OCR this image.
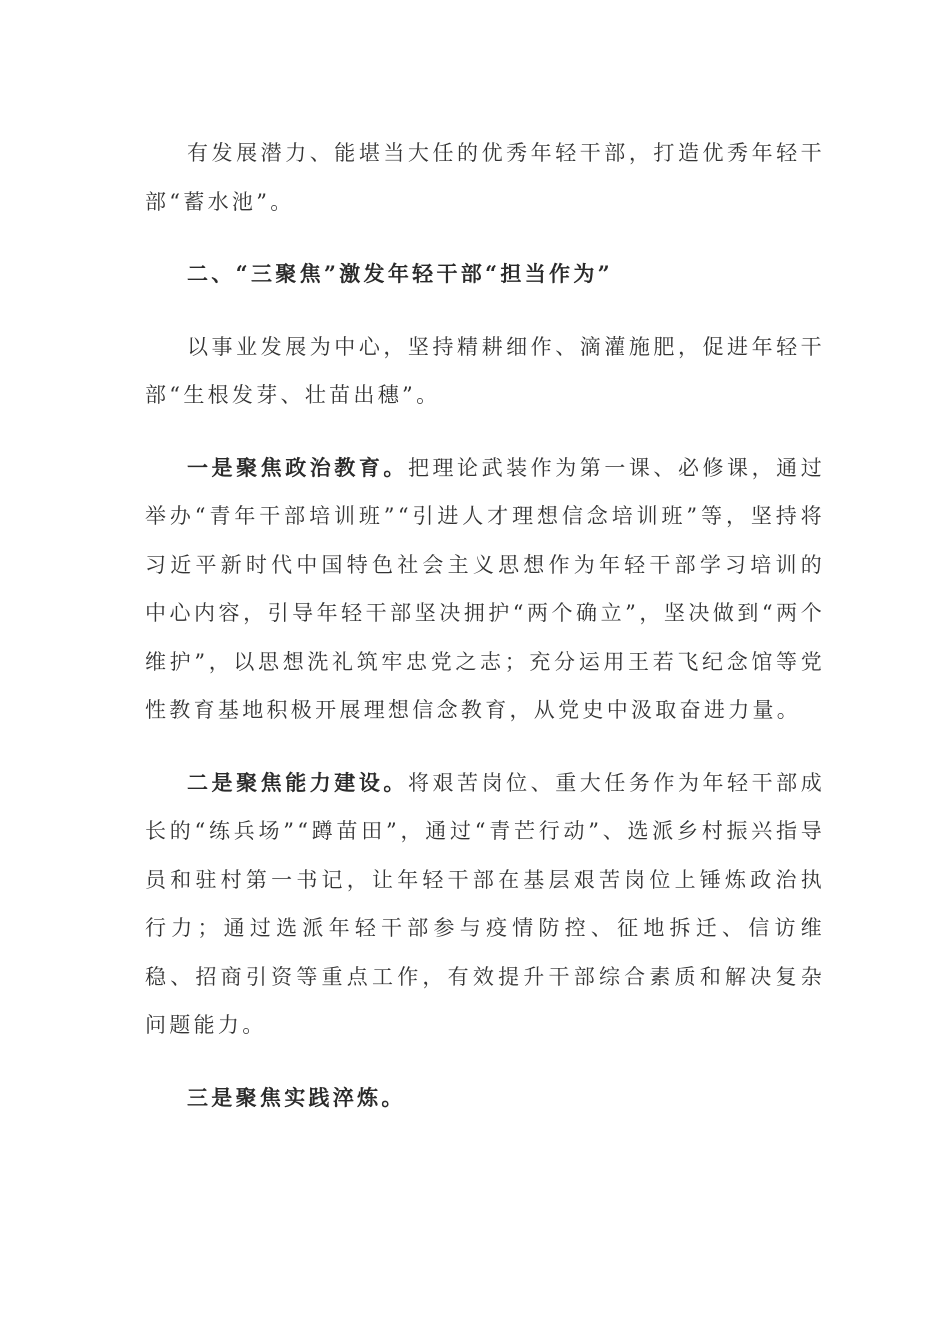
有发展潜力、能堪当大任的优秀年轻干部，打造优秀年轻干部“蓄水池”。

二、“三聚焦”激发年轻干部“担当作为”

以事业发展为中心，坚持精耕细作、滴灌施肥，促进年轻干部“生根发芽、壮苗出穗”。

一是聚焦政治教育。把理论武装作为第一课、必修课，通过举办“青年干部培训班”“引进人才理想信念培训班”等，坚持将习近平新时代中国特色社会主义思想作为年轻干部学习培训的中心内容，引导年轻干部坚决拥护“两个确立”，坚决做到“两个维护”，以思想洗礼筑牢忠党之志；充分运用王若飞纪念馆等党性教育基地积极开展理想信念教育，从党史中汲取奋进力量。

二是聚焦能力建设。将艰苦岗位、重大任务作为年轻干部成长的“练兵场”“蹲苗田”，通过“青芒行动”、选派乡村振兴指导员和驻村第一书记，让年轻干部在基层艰苦岗位上锤炼政治执行力；通过选派年轻干部参与疫情防控、征地拆迁、信访维稳、招商引资等重点工作，有效提升干部综合素质和解决复杂问题能力。

三是聚焦实践淬炼。
